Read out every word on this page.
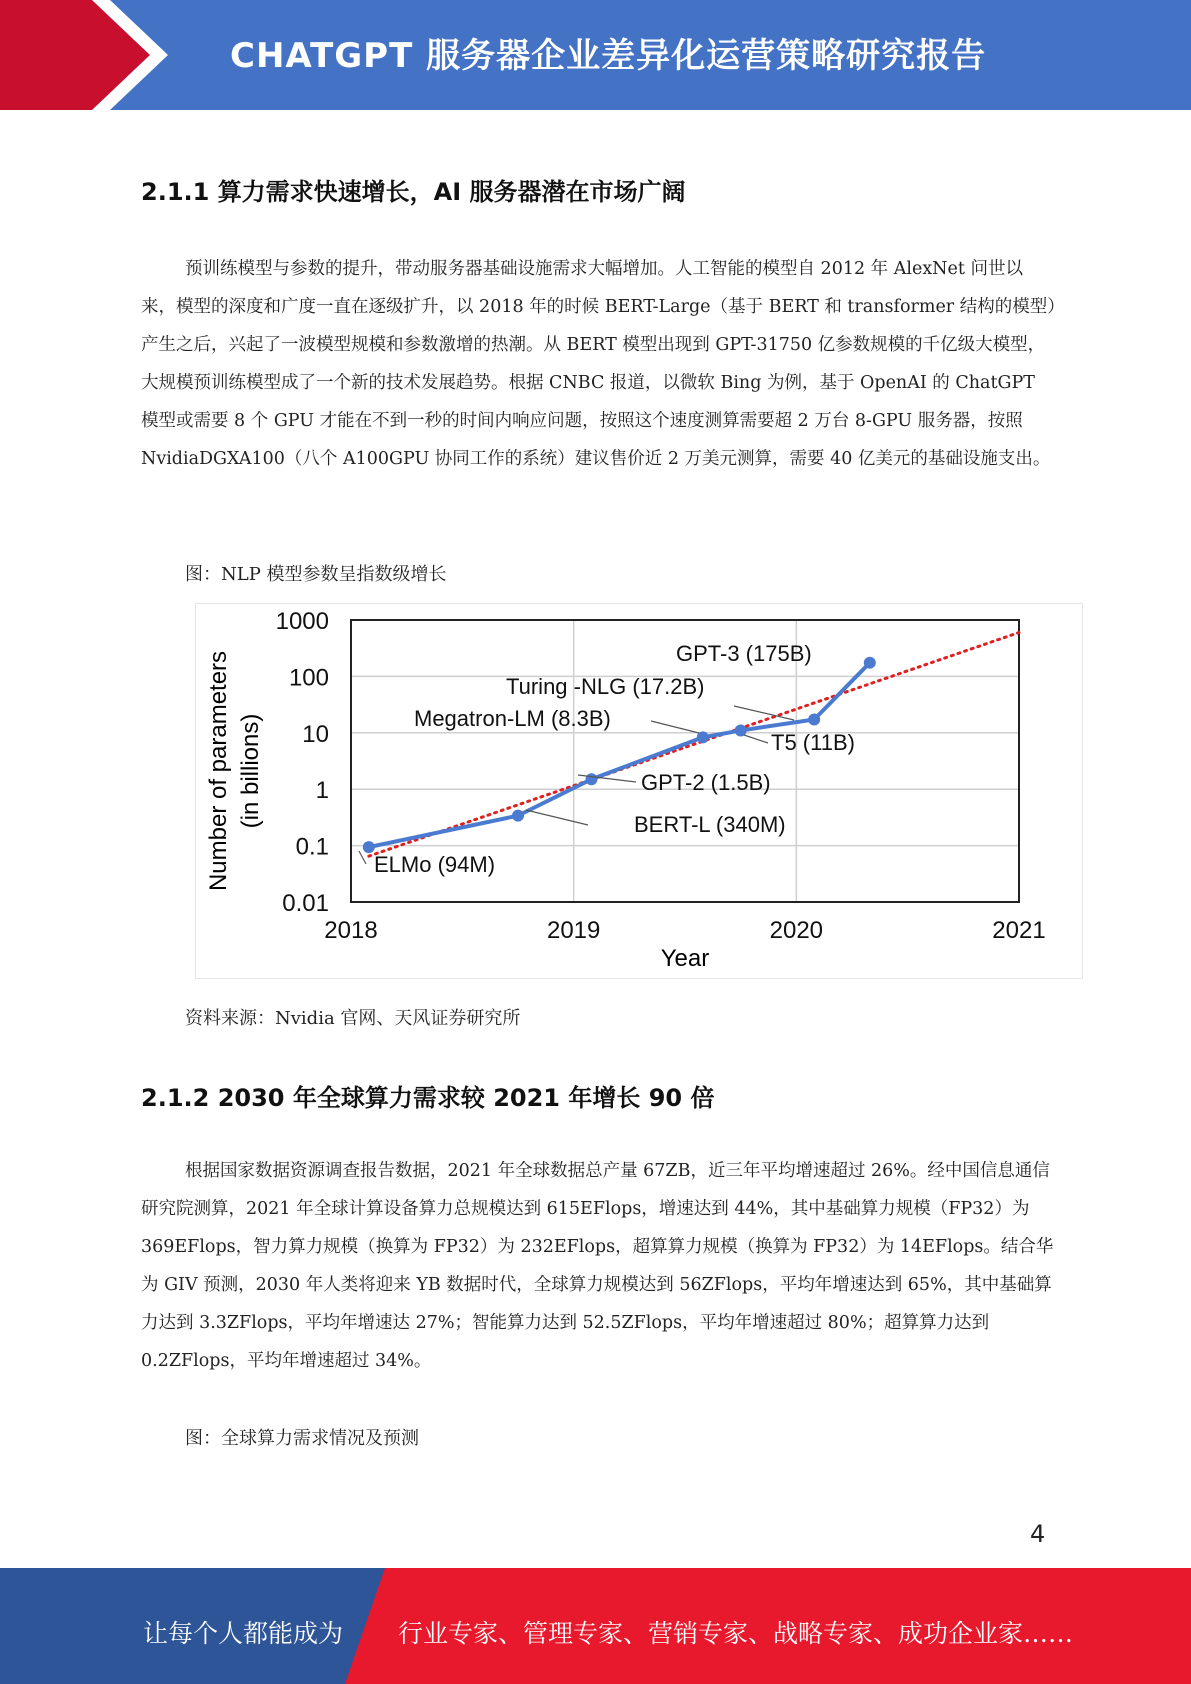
CHATGPT 服务器企业差异化运营策略研究报告
2.1.1 算力需求快速增长，AI 服务器潜在市场广阔

预训练模型与参数的提升，带动服务器基础设施需求大幅增加。人工智能的模型自 2012 年 AlexNet 问世以来，模型的深度和广度一直在逐级扩升，以 2018 年的时候 BERT-Large（基于 BERT 和 transformer 结构的模型）产生之后，兴起了一波模型规模和参数激增的热潮。从 BERT 模型出现到 GPT-31750 亿参数规模的千亿级大模型，大规模预训练模型成了一个新的技术发展趋势。根据 CNBC 报道，以微软 Bing 为例，基于 OpenAI 的 ChatGPT 模型或需要 8 个 GPU 才能在不到一秒的时间内响应问题，按照这个速度测算需要超 2 万台 8-GPU 服务器，按照 NvidiaDGXA100（八个 A100GPU 协同工作的系统）建议售价近 2 万美元测算，需要 40 亿美元的基础设施支出。

图：NLP 模型参数呈指数级增长
1000
100
10
1
0.1
0.01
2018	2019	2020	2021
ELMo (94M)
BERT-L (340M)
GPT-2 (1.5B)
Megatron-LM (8.3B)
T5 (11B)
Turing -NLG (17.2B)
GPT-3 (175B)
Year
Number of parameters (in billions)
资料来源：Nvidia 官网、天风证券研究所
2.1.2 2030 年全球算力需求较 2021 年增长 90 倍

根据国家数据资源调查报告数据，2021 年全球数据总产量 67ZB，近三年平均增速超过 26%。经中国信息通信研究院测算，2021 年全球计算设备算力总规模达到 615EFlops，增速达到 44%，其中基础算力规模（FP32）为 369EFlops，智力算力规模（换算为 FP32）为 232EFlops，超算算力规模（换算为 FP32）为 14EFlops。结合华为 GIV 预测，2030 年人类将迎来 YB 数据时代，全球算力规模达到 56ZFlops，平均年增速达到 65%，其中基础算力达到 3.3ZFlops，平均年增速达 27%；智能算力达到 52.5ZFlops，平均年增速超过 80%；超算算力达到 0.2ZFlops，平均年增速超过 34%。

图：全球算力需求情况及预测
4
让每个人都能成为 行业专家、管理专家、营销专家、战略专家、成功企业家……
